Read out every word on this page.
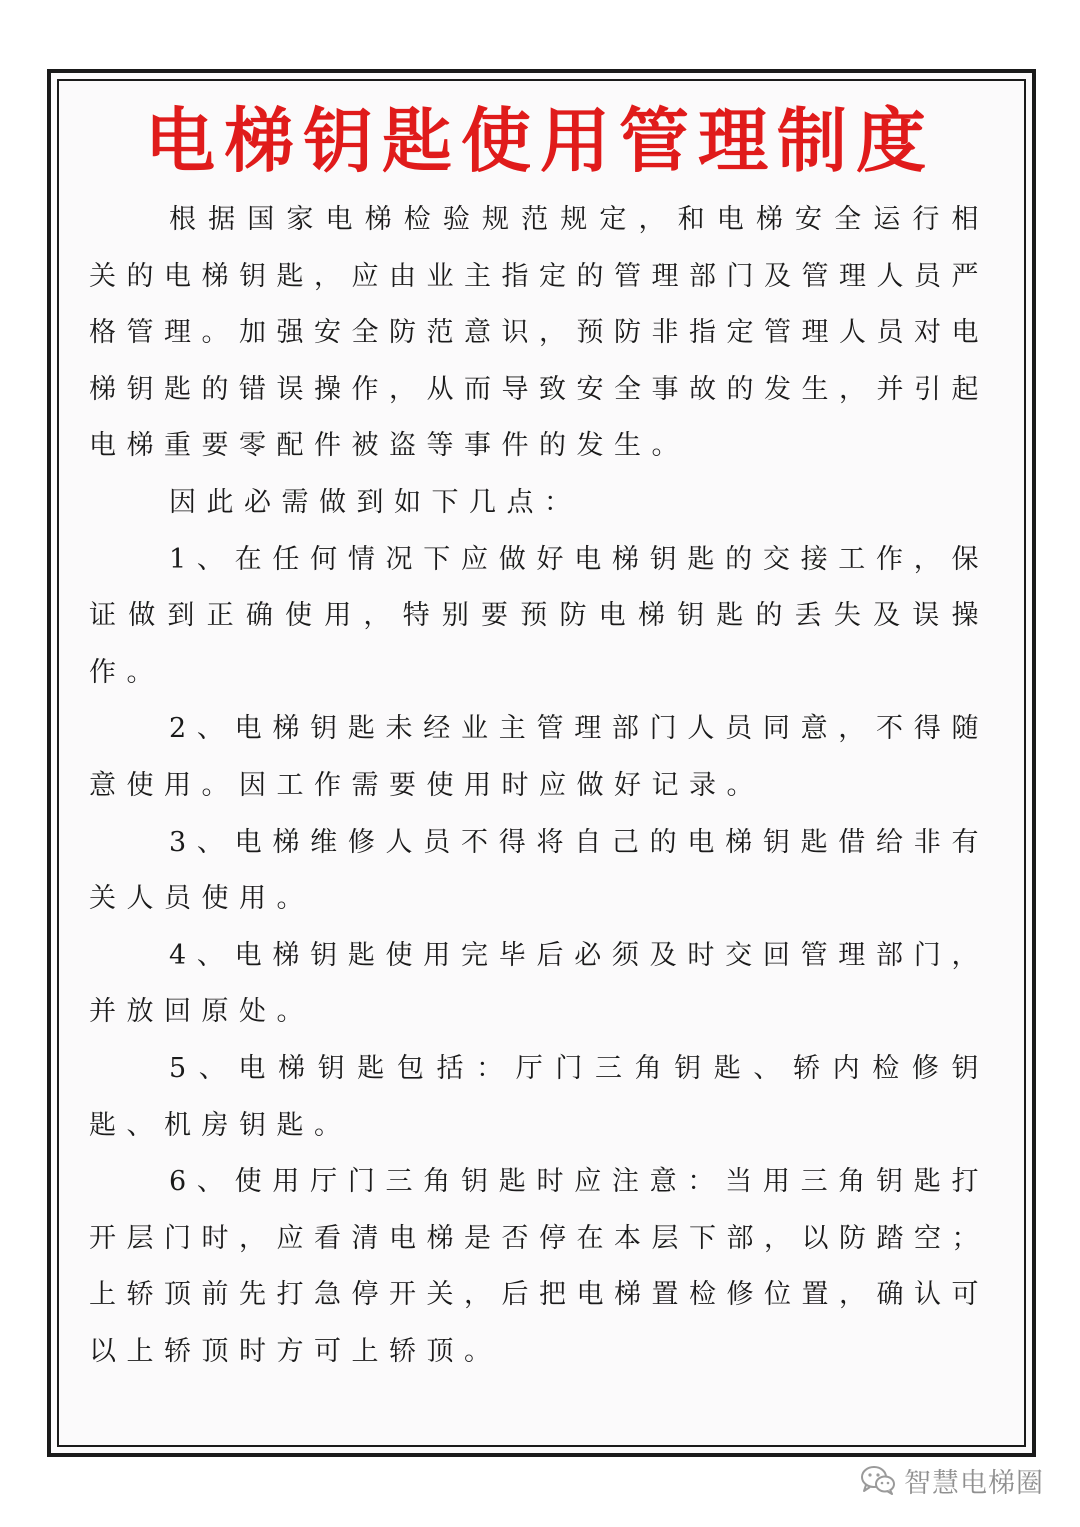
电梯钥匙使用管理制度

根据国家电梯检验规范规定，和电梯安全运行相关的电梯钥匙，应由业主指定的管理部门及管理人员严格管理。加强安全防范意识，预防非指定管理人员对电梯钥匙的错误操作，从而导致安全事故的发生，并引起电梯重要零配件被盗等事件的发生。

因此必需做到如下几点：

1、在任何情况下应做好电梯钥匙的交接工作，保证做到正确使用，特别要预防电梯钥匙的丢失及误操作。

2、电梯钥匙未经业主管理部门人员同意，不得随意使用。因工作需要使用时应做好记录。

3、电梯维修人员不得将自己的电梯钥匙借给非有关人员使用。

4、电梯钥匙使用完毕后必须及时交回管理部门，并放回原处。

5、电梯钥匙包括：厅门三角钥匙、轿内检修钥匙、机房钥匙。

6、使用厅门三角钥匙时应注意：当用三角钥匙打开层门时，应看清电梯是否停在本层下部，以防踏空；上轿顶前先打急停开关，后把电梯置检修位置，确认可以上轿顶时方可上轿顶。

智慧电梯圈
